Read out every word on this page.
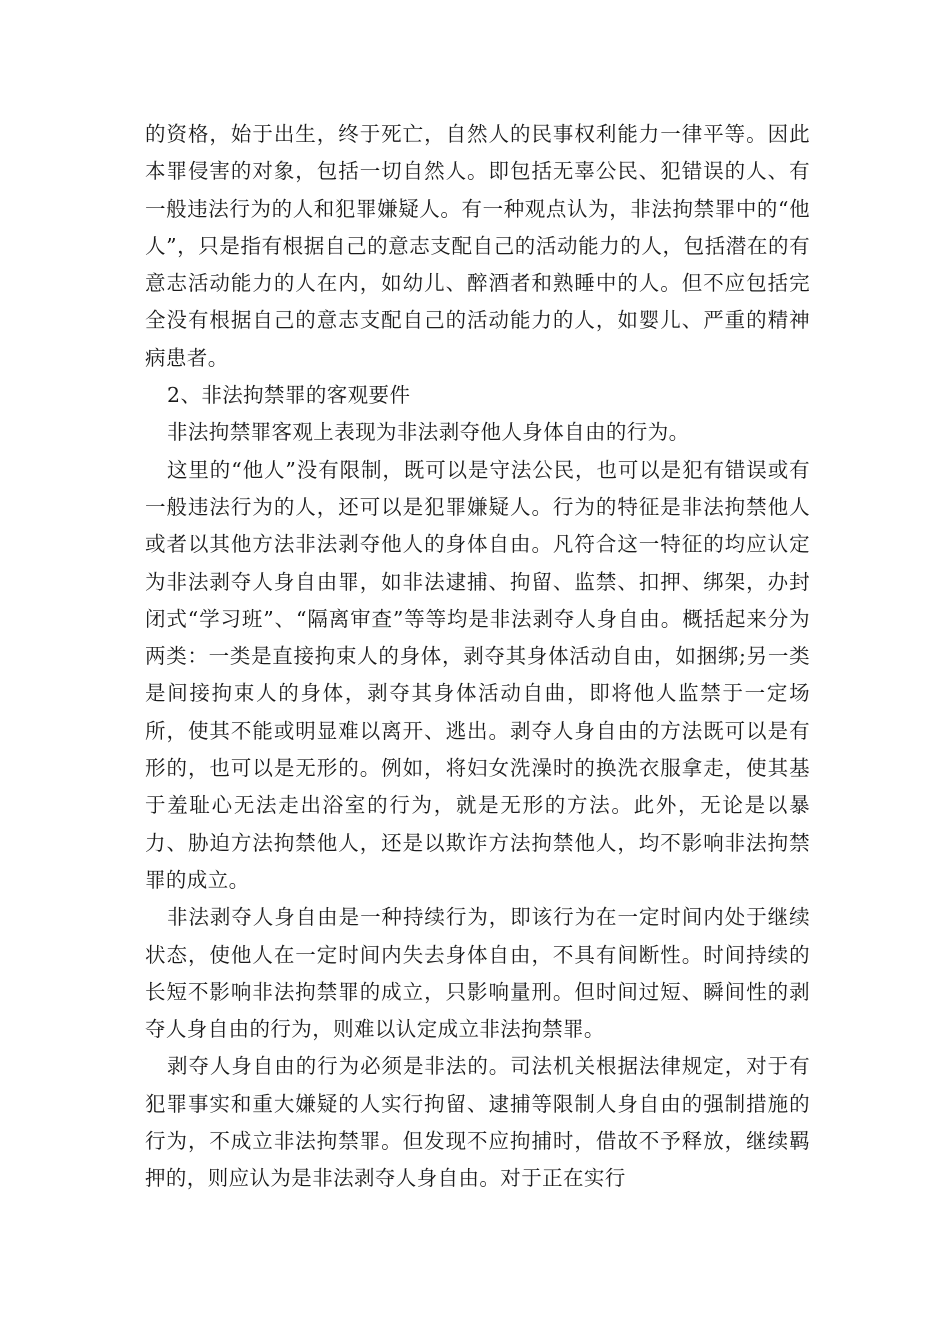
的资格，始于出生，终于死亡，自然人的民事权利能力一律平等。因此本罪侵害的对象，包括一切自然人。即包括无辜公民、犯错误的人、有一般违法行为的人和犯罪嫌疑人。有一种观点认为，非法拘禁罪中的“他人”，只是指有根据自己的意志支配自己的活动能力的人，包括潜在的有意志活动能力的人在内，如幼儿、醉酒者和熟睡中的人。但不应包括完全没有根据自己的意志支配自己的活动能力的人，如婴儿、严重的精神病患者。

2、非法拘禁罪的客观要件

非法拘禁罪客观上表现为非法剥夺他人身体自由的行为。

这里的“他人”没有限制，既可以是守法公民，也可以是犯有错误或有一般违法行为的人，还可以是犯罪嫌疑人。行为的特征是非法拘禁他人或者以其他方法非法剥夺他人的身体自由。凡符合这一特征的均应认定为非法剥夺人身自由罪，如非法逮捕、拘留、监禁、扣押、绑架，办封闭式“学习班”、“隔离审查”等等均是非法剥夺人身自由。概括起来分为两类：一类是直接拘束人的身体，剥夺其身体活动自由，如捆绑;另一类是间接拘束人的身体，剥夺其身体活动自曲，即将他人监禁于一定场所，使其不能或明显难以离开、逃出。剥夺人身自由的方法既可以是有形的，也可以是无形的。例如，将妇女洗澡时的换洗衣服拿走，使其基于羞耻心无法走出浴室的行为，就是无形的方法。此外，无论是以暴力、胁迫方法拘禁他人，还是以欺诈方法拘禁他人，均不影响非法拘禁罪的成立。

非法剥夺人身自由是一种持续行为，即该行为在一定时间内处于继续状态，使他人在一定时间内失去身体自由，不具有间断性。时间持续的长短不影响非法拘禁罪的成立，只影响量刑。但时间过短、瞬间性的剥夺人身自由的行为，则难以认定成立非法拘禁罪。

剥夺人身自由的行为必须是非法的。司法机关根据法律规定，对于有犯罪事实和重大嫌疑的人实行拘留、逮捕等限制人身自由的强制措施的行为，不成立非法拘禁罪。但发现不应拘捕时，借故不予释放，继续羁押的，则应认为是非法剥夺人身自由。对于正在实行
